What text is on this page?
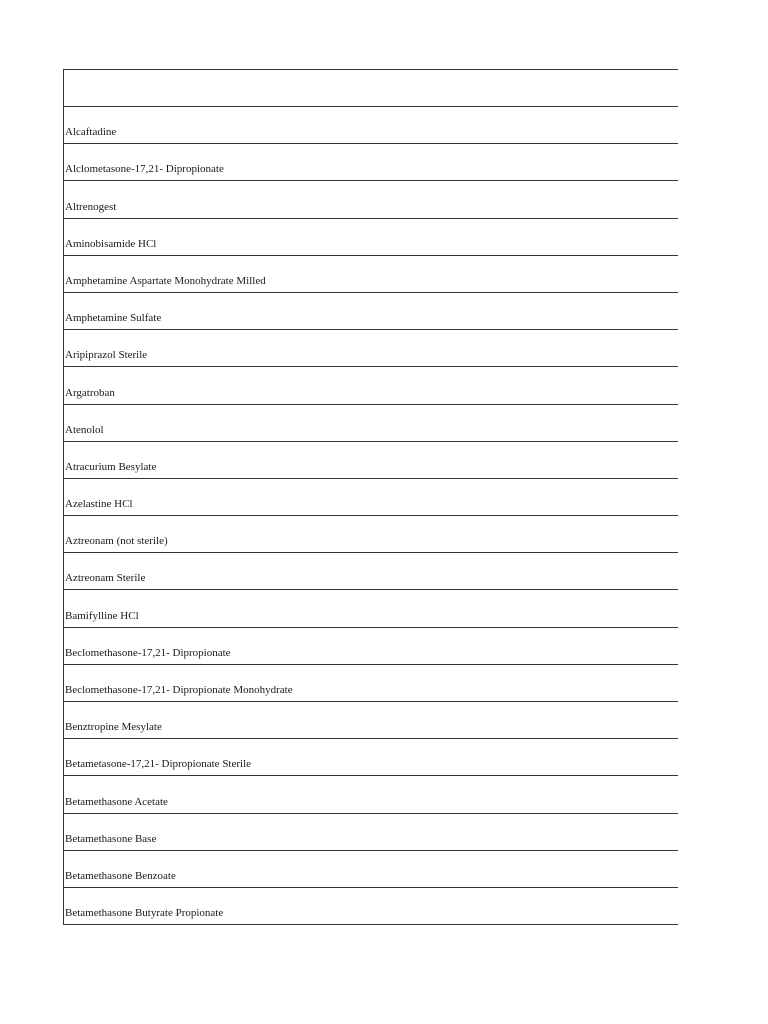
Alcaftadine
Alclometasone-17,21- Dipropionate
Altrenogest
Aminobisamide HCl
Amphetamine Aspartate Monohydrate Milled
Amphetamine Sulfate
Aripiprazol Sterile
Argatroban
Atenolol
Atracurium Besylate
Azelastine HCl
Aztreonam (not sterile)
Aztreonam Sterile
Bamifylline HCl
Beclomethasone-17,21- Dipropionate
Beclomethasone-17,21- Dipropionate Monohydrate
Benztropine Mesylate
Betametasone-17,21- Dipropionate Sterile
Betamethasone Acetate
Betamethasone Base
Betamethasone Benzoate
Betamethasone Butyrate Propionate
